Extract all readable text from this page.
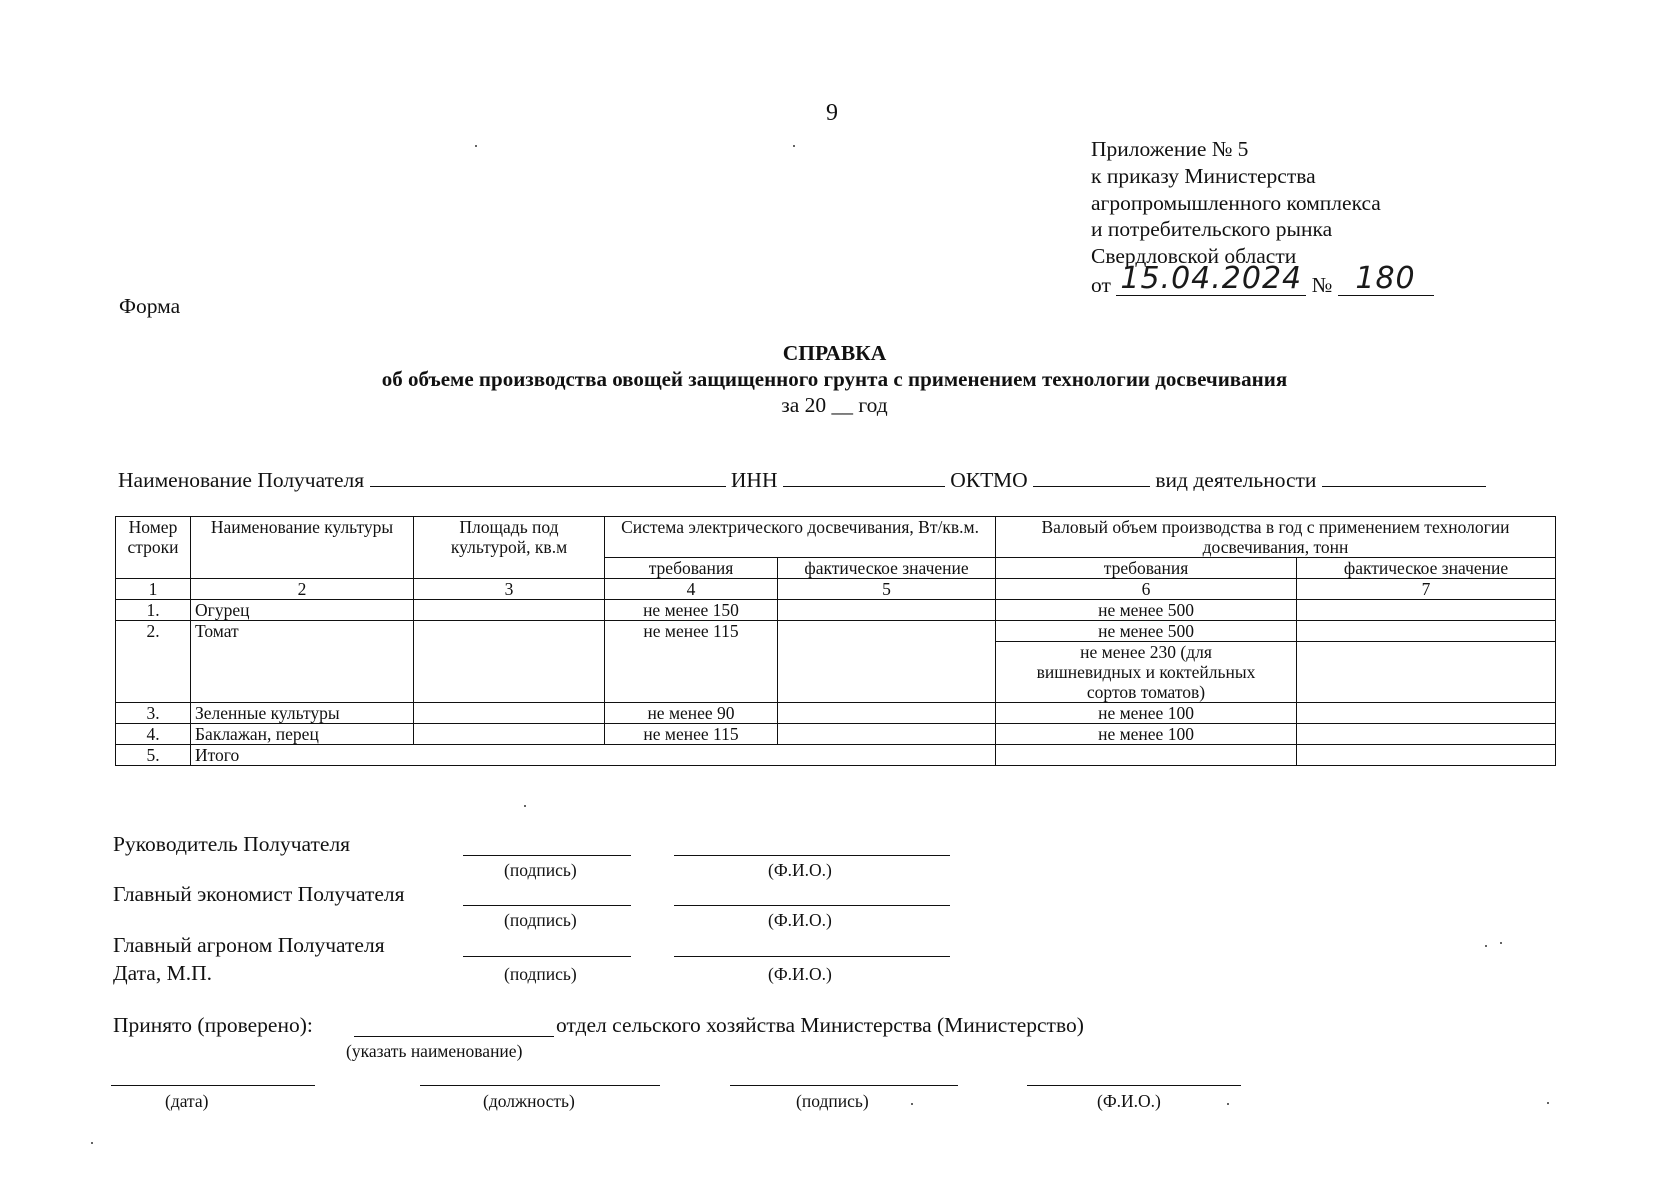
9
Приложение № 5
к приказу Министерства
агропромышленного комплекса
и потребительского рынка
Свердловской области
от 15.04.2024 № 180
Форма
СПРАВКА
об объеме производства овощей защищенного грунта с применением технологии досвечивания
за 20 __ год
Наименование Получателя	ИНН	ОКТМО	вид деятельности
Номер строки	Наименование культуры	Площадь под культурой, кв.м	Система электрического досвечивания, Вт/кв.м.		Валовый объем производства в год с применением технологии досвечивания, тонн	
			требования	фактическое значение	требования	фактическое значение
1	2	3	4	5	6	7
1.	Огурец		не менее 150		не менее 500	
2.	Томат		не менее 115		не менее 500	
					не менее 230 (для вишневидных и коктейльных сортов томатов)	
3.	Зеленные культуры		не менее 90		не менее 100	
4.	Баклажан, перец		не менее 115		не менее 100	
5.	Итого					
Руководитель Получателя
(подпись)	(Ф.И.О.)
Главный экономист Получателя
(подпись)	(Ф.И.О.)
Главный агроном Получателя
Дата, М.П.	(подпись)	(Ф.И.О.)
Принято (проверено):	отдел сельского хозяйства Министерства (Министерство)
(указать наименование)
(дата)	(должность)	(подпись)	(Ф.И.О.)
